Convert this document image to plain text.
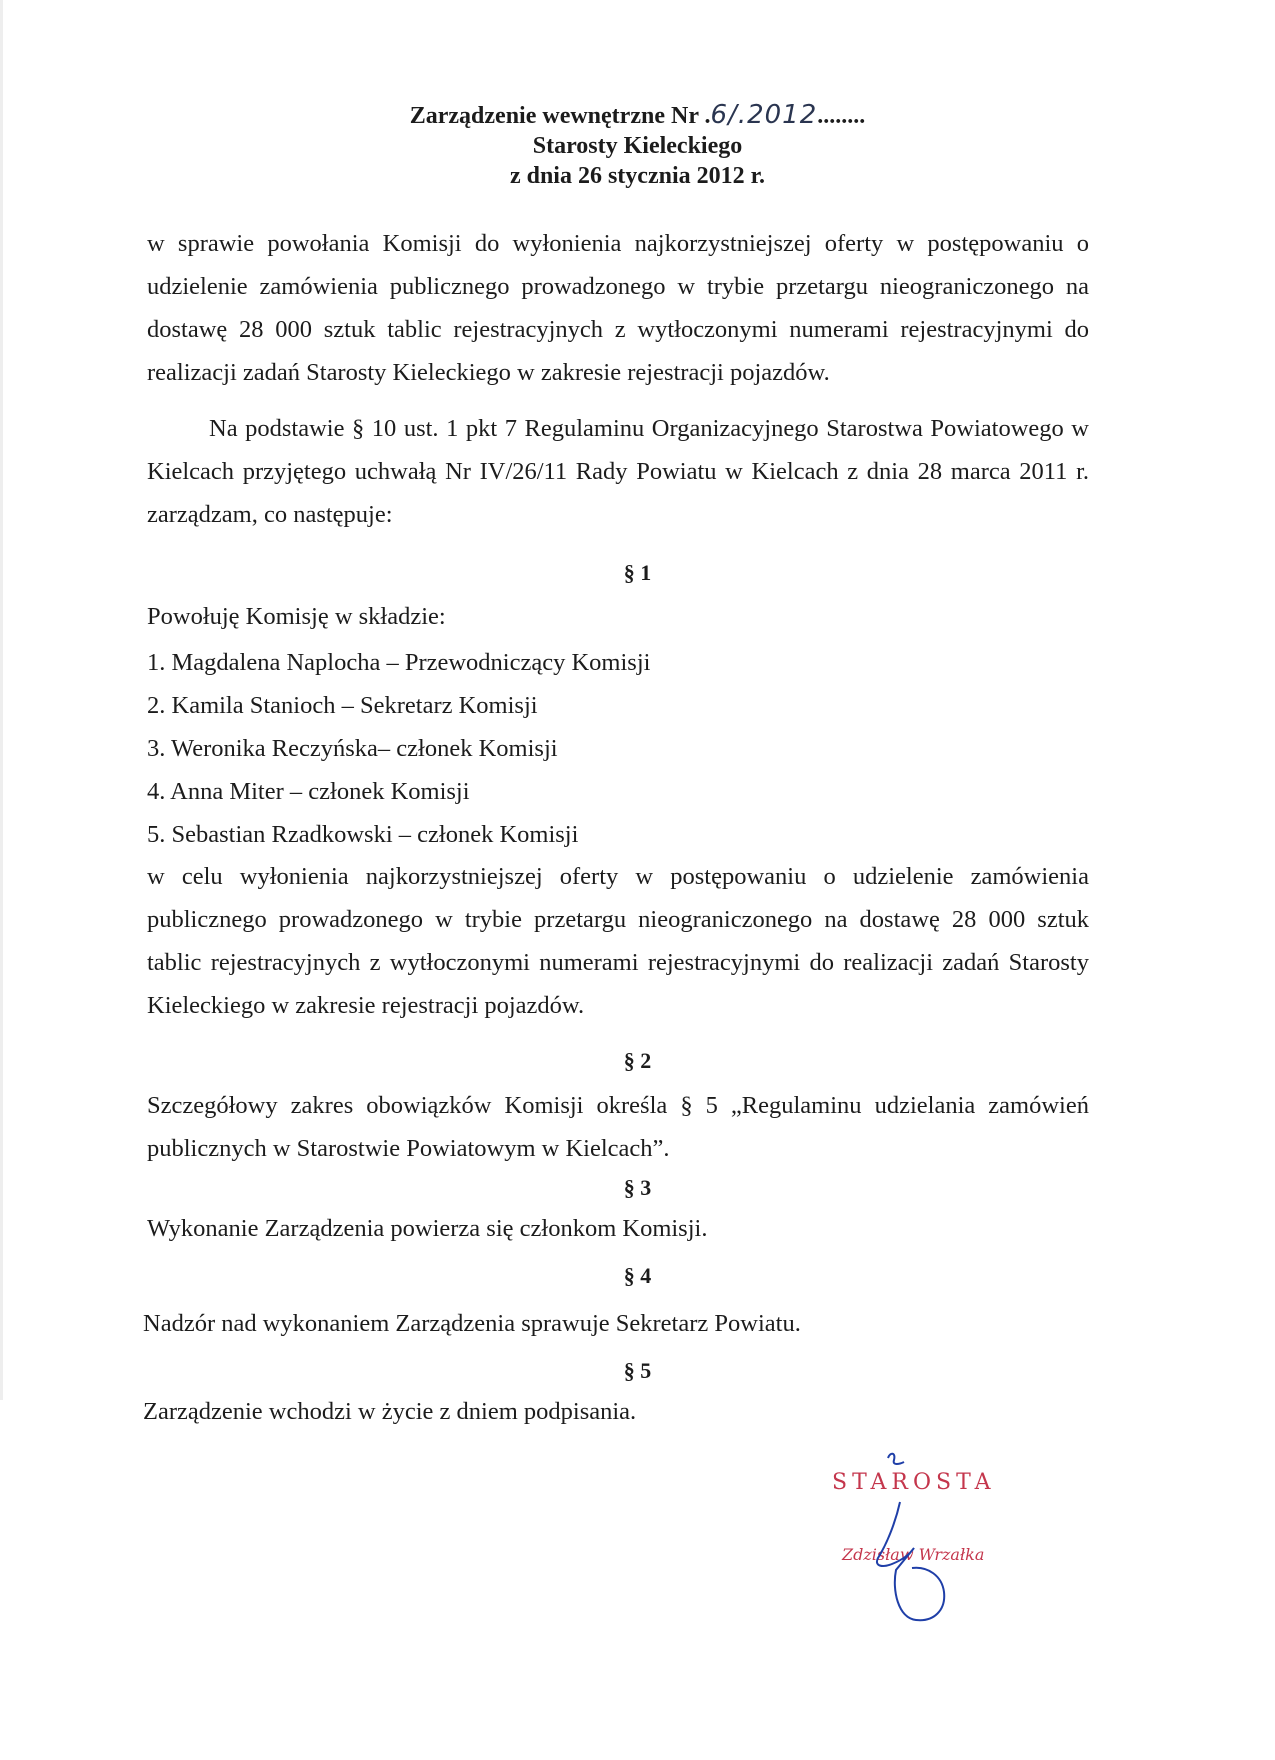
Zarządzenie wewnętrzne Nr .6/.2012........
Starosty Kieleckiego
z dnia 26 stycznia 2012 r.
w sprawie powołania Komisji do wyłonienia najkorzystniejszej oferty w postępowaniu o udzielenie zamówienia publicznego prowadzonego w trybie przetargu nieograniczonego na dostawę 28 000 sztuk tablic rejestracyjnych z wytłoczonymi numerami rejestracyjnymi do realizacji zadań Starosty Kieleckiego w zakresie rejestracji pojazdów.
Na podstawie § 10 ust. 1 pkt 7 Regulaminu Organizacyjnego Starostwa Powiatowego w Kielcach przyjętego uchwałą Nr IV/26/11 Rady Powiatu w Kielcach z dnia 28 marca 2011 r. zarządzam, co następuje:
§ 1
Powołuję Komisję w składzie:
1. Magdalena Naplocha – Przewodniczący Komisji
2. Kamila Stanioch – Sekretarz Komisji
3. Weronika Reczyńska– członek Komisji
4. Anna Miter – członek Komisji
5. Sebastian Rzadkowski – członek Komisji
w celu wyłonienia najkorzystniejszej oferty w postępowaniu o udzielenie zamówienia publicznego prowadzonego w trybie przetargu nieograniczonego na dostawę 28 000 sztuk tablic rejestracyjnych z wytłoczonymi numerami rejestracyjnymi do realizacji zadań Starosty Kieleckiego w zakresie rejestracji pojazdów.
§ 2
Szczegółowy zakres obowiązków Komisji określa § 5 „Regulaminu udzielania zamówień publicznych w Starostwie Powiatowym w Kielcach”.
§ 3
Wykonanie Zarządzenia powierza się członkom Komisji.
§ 4
Nadzór nad wykonaniem Zarządzenia sprawuje Sekretarz Powiatu.
§ 5
Zarządzenie wchodzi w życie z dniem podpisania.
STAROSTA
Zdzisław Wrzałka
